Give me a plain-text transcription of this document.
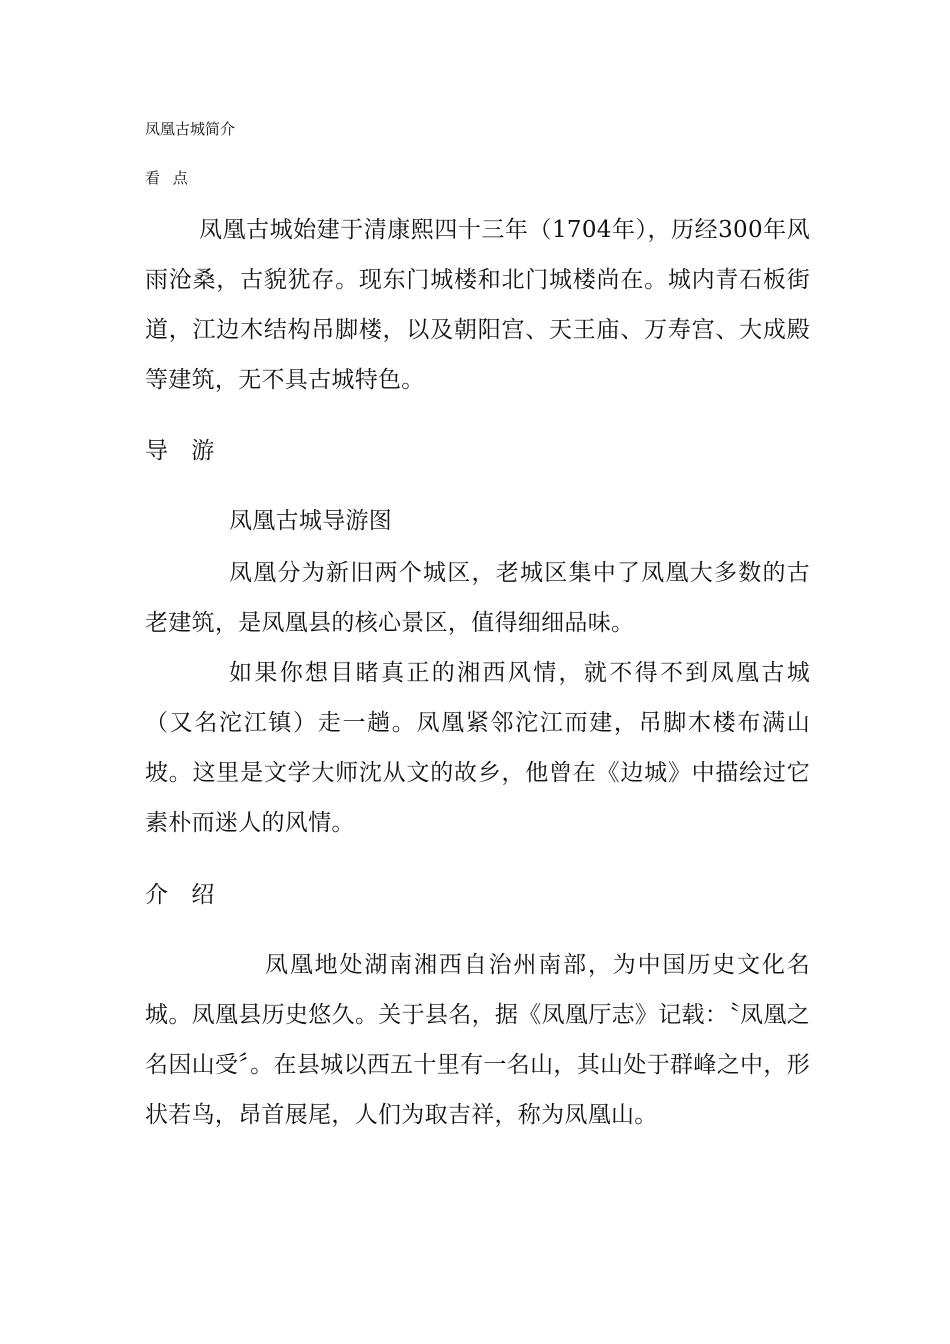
凤凰古城简介

看 点

凤凰古城始建于清康熙四十三年（1704年），历经300年风雨沧桑，古貌犹存。现东门城楼和北门城楼尚在。城内青石板街道，江边木结构吊脚楼，以及朝阳宫、天王庙、万寿宫、大成殿等建筑，无不具古城特色。

导 游

凤凰古城导游图

凤凰分为新旧两个城区，老城区集中了凤凰大多数的古老建筑，是凤凰县的核心景区，值得细细品味。

如果你想目睹真正的湘西风情，就不得不到凤凰古城（又名沱江镇）走一趟。凤凰紧邻沱江而建，吊脚木楼布满山坡。这里是文学大师沈从文的故乡，他曾在《边城》中描绘过它素朴而迷人的风情。

介 绍

凤凰地处湖南湘西自治州南部，为中国历史文化名城。凤凰县历史悠久。关于县名，据《凤凰厅志》记载：〝凤凰之名因山受〞。在县城以西五十里有一名山，其山处于群峰之中，形状若鸟，昂首展尾，人们为取吉祥，称为凤凰山。
